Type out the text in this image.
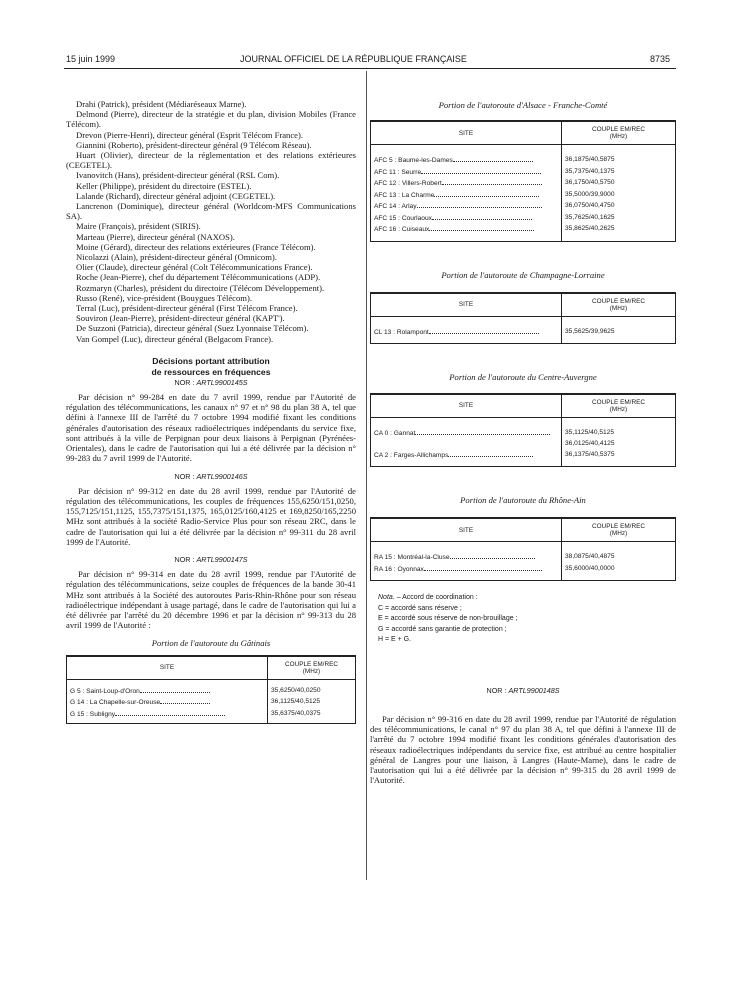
15 juin 1999	JOURNAL OFFICIEL DE LA RÉPUBLIQUE FRANÇAISE	8735
Drahi (Patrick), président (Médiaréseaux Marne).
Delmond (Pierre), directeur de la stratégie et du plan, division Mobiles (France Télécom).
Drevon (Pierre-Henri), directeur général (Esprit Télécom France).
Giannini (Roberto), président-directeur général (9 Télécom Réseau).
Huart (Olivier), directeur de la réglementation et des relations extérieures (CEGETEL).
Ivanovitch (Hans), président-directeur général (RSL Com).
Keller (Philippe), président du directoire (ESTEL).
Lalande (Richard), directeur général adjoint (CEGETEL).
Lancrenon (Dominique), directeur général (Worldcom-MFS Communications SA).
Maire (François), président (SIRIS).
Marteau (Pierre), directeur général (NAXOS).
Moine (Gérard), directeur des relations extérieures (France Télécom).
Nicolazzi (Alain), président-directeur général (Omnicom).
Olier (Claude), directeur général (Colt Télécommunications France).
Roche (Jean-Pierre), chef du département Télécommunications (ADP).
Rozmaryn (Charles), président du directoire (Télécom Développement).
Russo (René), vice-président (Bouygues Télécom).
Terral (Luc), président-directeur général (First Télécom France).
Souviron (Jean-Pierre), président-directeur général (KAPT').
De Suzzoni (Patricia), directeur général (Suez Lyonnaise Télécom).
Van Gompel (Luc), directeur général (Belgacom France).
Décisions portant attribution
de ressources en fréquences
NOR : ARTL9900145S
Par décision n° 99-284 en date du 7 avril 1999, rendue par l'Autorité de régulation des télécommunications, les canaux n° 97 et n° 98 du plan 38 A, tel que défini à l'annexe III de l'arrêté du 7 octobre 1994 modifié fixant les conditions générales d'autorisation des réseaux radioélectriques indépendants du service fixe, sont attribués à la ville de Perpignan pour deux liaisons à Perpignan (Pyrénées-Orientales), dans le cadre de l'autorisation qui lui a été délivrée par la décision n° 99-283 du 7 avril 1999 de l'Autorité.
NOR : ARTL9900146S
Par décision n° 99-312 en date du 28 avril 1999, rendue par l'Autorité de régulation des télécommunications, les couples de fréquences 155,6250/151,0250, 155,7125/151,1125, 155,7375/151,1375, 165,0125/160,4125 et 169,8250/165,2250 MHz sont attribués à la société Radio-Service Plus pour son réseau 2RC, dans le cadre de l'autorisation qui lui a été délivrée par la décision n° 99-311 du 28 avril 1999 de l'Autorité.
NOR : ARTL9900147S
Par décision n° 99-314 en date du 28 avril 1999, rendue par l'Autorité de régulation des télécommunications, seize couples de fréquences de la bande 30-41 MHz sont attribués à la Société des autoroutes Paris-Rhin-Rhône pour son réseau radioélectrique indépendant à usage partagé, dans le cadre de l'autorisation qui lui a été délivrée par l'arrêté du 20 décembre 1996 et par la décision n° 99-313 du 28 avril 1999 de l'Autorité :
Portion de l'autoroute du Gâtinais
SITE	COUPLE EM/REC
(MHz)

G 5 : Saint-Loup-d'Oron	35,6250/40,0250
G 14 : La Chapelle-sur-Oreuse	36,1125/40,5125
G 15 : Subligny	35,6375/40,0375

Portion de l'autoroute d'Alsace - Franche-Comté
SITE	COUPLE EM/REC
(MHz)

AFC 5 : Baume-les-Dames	36,1875/40,5875
AFC 11 : Seurre	35,7375/40,1375
AFC 12 : Villers-Robert	36,1750/40,5750
AFC 13 : La Charme	35,5000/39,9000
AFC 14 : Arlay	36,0750/40,4750
AFC 15 : Courlaoux	35,7625/40,1625
AFC 16 : Cuiseaux	35,8625/40,2625

Portion de l'autoroute de Champagne-Lorraine
SITE	COUPLE EM/REC
(MHz)

CL 13 : Rolampont	35,5625/39,9625

Portion de l'autoroute du Centre-Auvergne
SITE	COUPLE EM/REC
(MHz)

CA 0 : Gannat	35,1125/40,5125
	36,0125/40,4125
CA 2 : Farges-Allichamps	36,1375/40,5375

Portion de l'autoroute du Rhône-Ain
SITE	COUPLE EM/REC
(MHz)

RA 15 : Montréal-la-Cluse	38,0875/40,4875
RA 16 : Oyonnax	35,6000/40,0000

Nota. – Accord de coordination :
C = accordé sans réserve ;
E = accordé sous réserve de non-brouillage ;
G = accordé sans garantie de protection ;
H = E + G.
NOR : ARTL9900148S
Par décision n° 99-316 en date du 28 avril 1999, rendue par l'Autorité de régulation des télécommunications, le canal n° 97 du plan 38 A, tel que défini à l'annexe III de l'arrêté du 7 octobre 1994 modifié fixant les conditions générales d'autorisation des réseaux radioélectriques indépendants du service fixe, est attribué au centre hospitalier général de Langres pour une liaison, à Langres (Haute-Marne), dans le cadre de l'autorisation qui lui a été délivrée par la décision n° 99-315 du 28 avril 1999 de l'Autorité.
